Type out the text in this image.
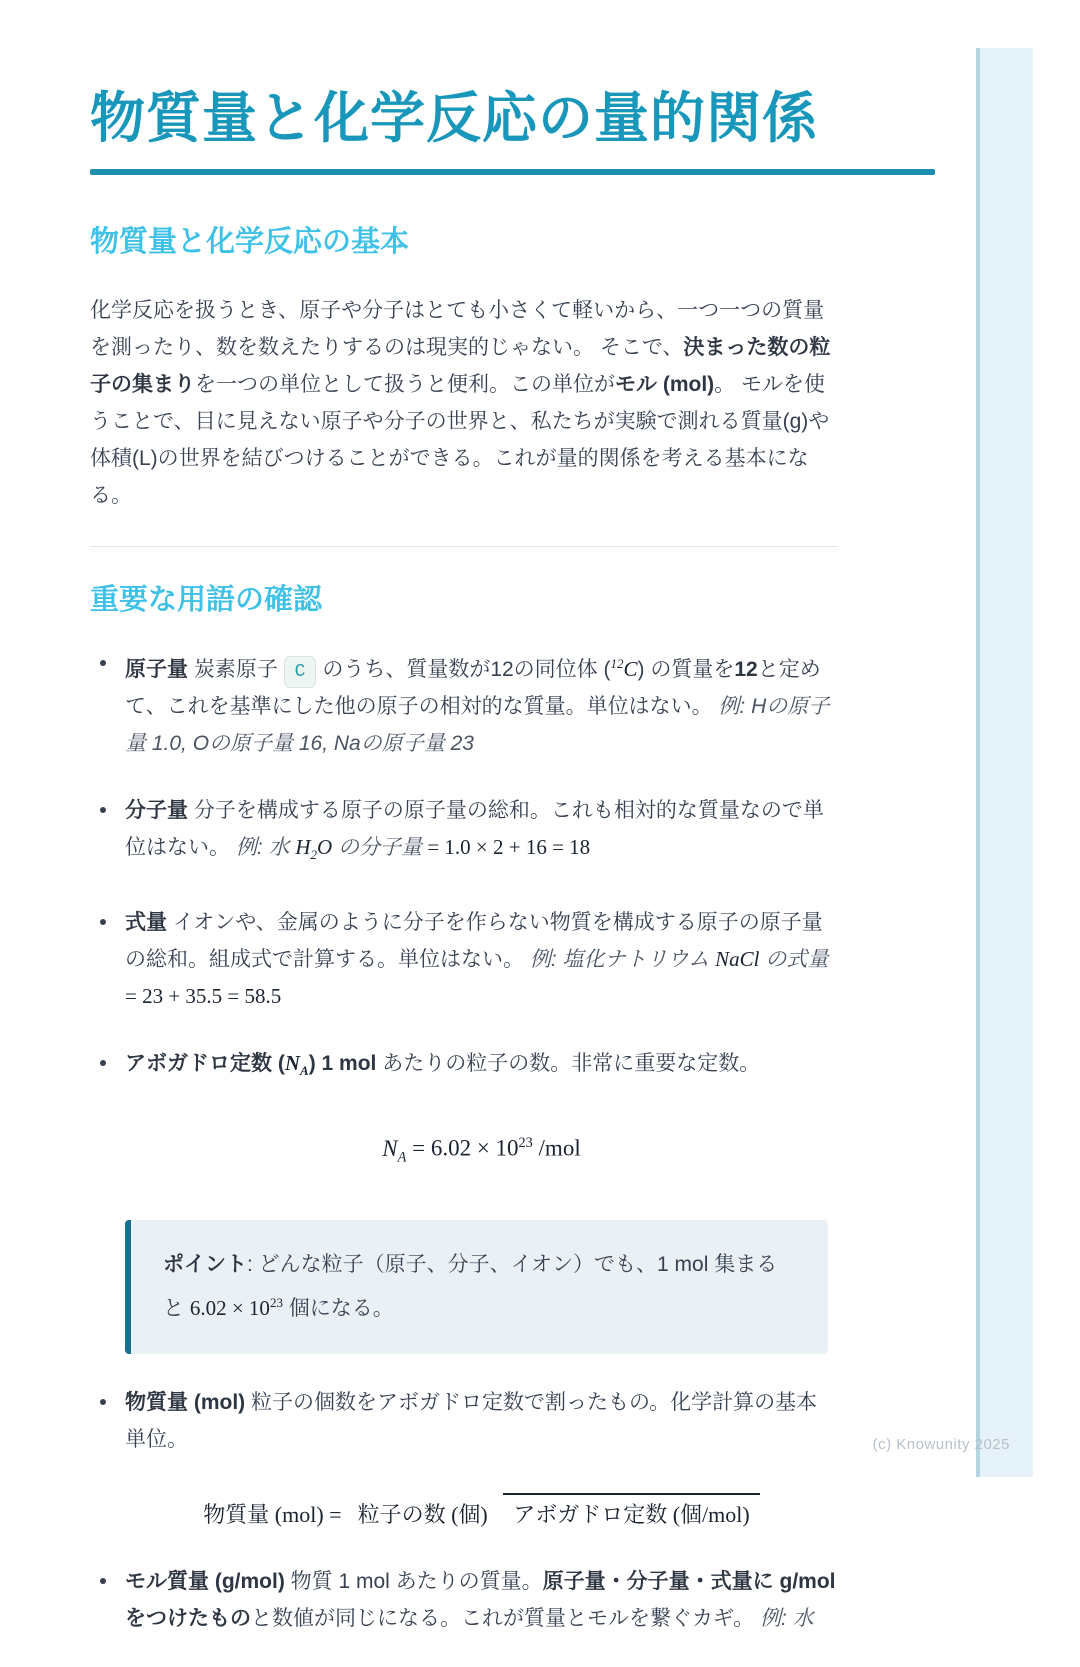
物質量と化学反応の量的関係
物質量と化学反応の基本

化学反応を扱うとき、原子や分子はとても小さくて軽いから、一つ一つの質量を測ったり、数を数えたりするのは現実的じゃない。 そこで、決まった数の粒子の集まりを一つの単位として扱うと便利。この単位がモル (mol)。 モルを使うことで、目に見えない原子や分子の世界と、私たちが実験で測れる質量(g)や体積(L)の世界を結びつけることができる。これが量的関係を考える基本になる。

重要な用語の確認
原子量 炭素原子 C のうち、質量数が12の同位体 ($^{12}$C) の質量を12と定めて、これを基準にした他の原子の相対的な質量。単位はない。 例: Hの原子量 1.0, Oの原子量 16, Naの原子量 23
分子量 分子を構成する原子の原子量の総和。これも相対的な質量なので単位はない。 例: 水 $H_2O$ の分子量 = 1.0 × 2 + 16 = 18
式量 イオンや、金属のように分子を作らない物質を構成する原子の原子量の総和。組成式で計算する。単位はない。 例: 塩化ナトリウム NaCl の式量 = 23 + 35.5 = 58.5
アボガドロ定数 $(N_A)$ 1 mol あたりの粒子の数。非常に重要な定数。
$N_A = 6.02 \times 10^{23}$ /mol
ポイント: どんな粒子（原子、分子、イオン）でも、1 mol 集まると $6.02 \times 10^{23}$ 個になる。
物質量 (mol) 粒子の個数をアボガドロ定数で割ったもの。化学計算の基本単位。
物質量 (mol) = 粒子の数 (個) アボガドロ定数 (個/mol)
モル質量 (g/mol) 物質 1 mol あたりの質量。原子量・分子量・式量に g/mol をつけたものと数値が同じになる。これが質量とモルを繋ぐカギ。 例: 水
(c) Knowunity 2025
